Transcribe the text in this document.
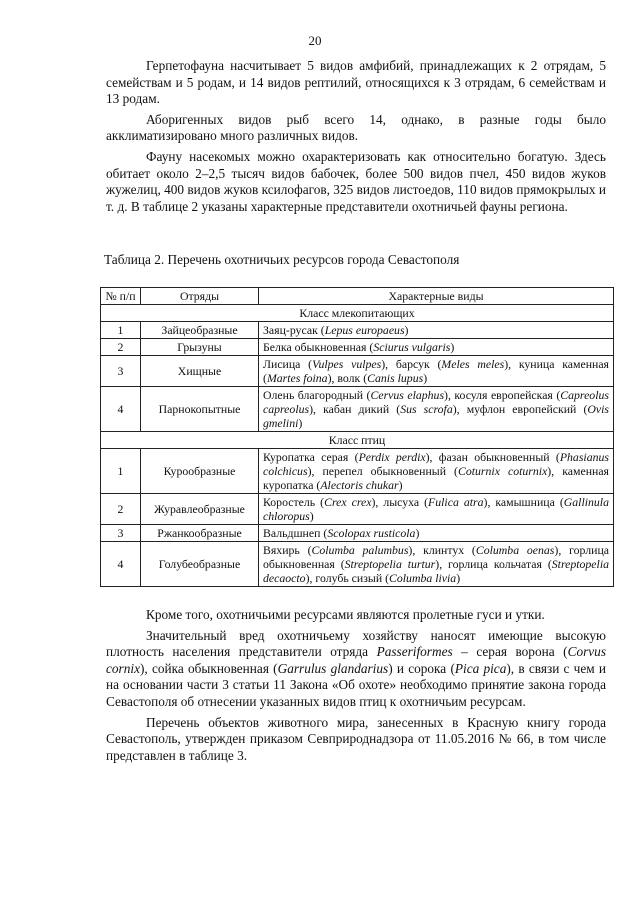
20

Герпетофауна насчитывает 5 видов амфибий, принадлежащих к 2 отрядам, 5 семействам и 5 родам, и 14 видов рептилий, относящихся к 3 отрядам, 6 семействам и 13 родам.

Аборигенных видов рыб всего 14, однако, в разные годы было акклиматизировано много различных видов.

Фауну насекомых можно охарактеризовать как относительно богатую. Здесь обитает около 2–2,5 тысяч видов бабочек, более 500 видов пчел, 450 видов жуков жужелиц, 400 видов жуков ксилофагов, 325 видов листоедов, 110 видов прямокрылых и т. д. В таблице 2 указаны характерные представители охотничьей фауны региона.

Таблица 2. Перечень охотничьих ресурсов города Севастополя
№ п/п	Отряды	Характерные виды
Класс млекопитающих		
1	Зайцеобразные	Заяц-русак (Lepus europaeus)
2	Грызуны	Белка обыкновенная (Sciurus vulgaris)
3	Хищные	Лисица (Vulpes vulpes), барсук (Meles meles), куница каменная (Martes foina), волк (Canis lupus)
4	Парнокопытные	Олень благородный (Cervus elaphus), косуля европейская (Capreolus capreolus), кабан дикий (Sus scrofa), муфлон европейский (Ovis gmelini)
Класс птиц		
1	Курообразные	Куропатка серая (Perdix perdix), фазан обыкновенный (Phasianus colchicus), перепел обыкновенный (Coturnix coturnix), каменная куропатка (Alectoris chukar)
2	Журавлеобразные	Коростель (Crex crex), лысуха (Fulica atra), камышница (Gallinula chloropus)
3	Ржанкообразные	Вальдшнеп (Scolopax rusticola)
4	Голубеобразные	Вяхирь (Columba palumbus), клинтух (Columba oenas), горлица обыкновенная (Streptopelia turtur), горлица кольчатая (Streptopelia decaocto), голубь сизый (Columba livia)

Кроме того, охотничьими ресурсами являются пролетные гуси и утки.

Значительный вред охотничьему хозяйству наносят имеющие высокую плотность населения представители отряда Passeriformes – серая ворона (Corvus cornix), сойка обыкновенная (Garrulus glandarius) и сорока (Pica pica), в связи с чем и на основании части 3 статьи 11 Закона «Об охоте» необходимо принятие закона города Севастополя об отнесении указанных видов птиц к охотничьим ресурсам.

Перечень объектов животного мира, занесенных в Красную книгу города Севастополь, утвержден приказом Севприроднадзора от 11.05.2016 № 66, в том числе представлен в таблице 3.
